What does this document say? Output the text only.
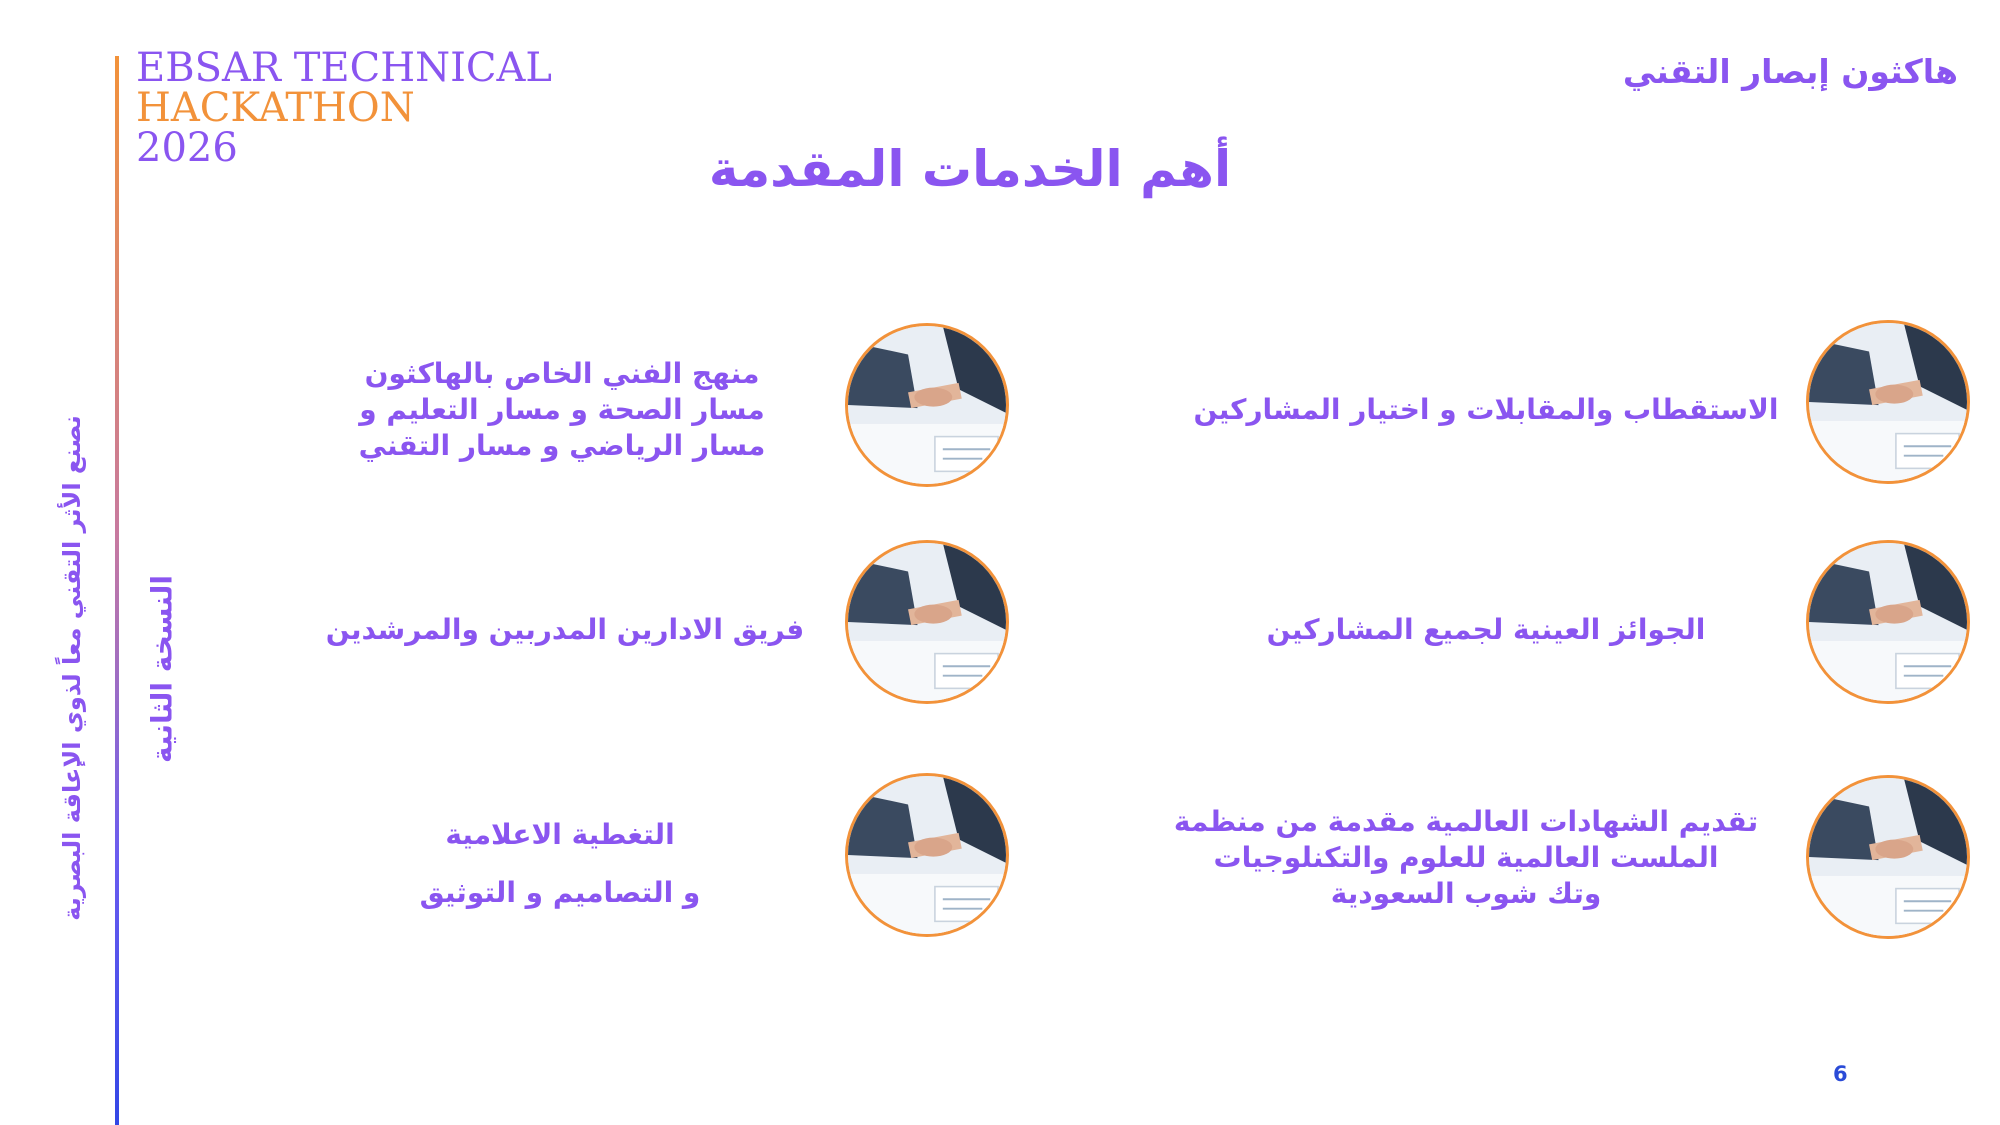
EBSAR TECHNICAL
HACKATHON
2026
هاكثون إبصار التقني
أهم الخدمات المقدمة
نصنع الأثر التقني معاً لذوي الإعاقة البصرية النسخة الثانية
الاستقطاب والمقابلات و اختيار المشاركين
الجوائز العينية لجميع المشاركين
تقديم الشهادات العالمية مقدمة من منظمة
الملست العالمية للعلوم والتكنلوجيات
وتك شوب السعودية
منهج الفني الخاص بالهاكثون
مسار الصحة و مسار التعليم و
مسار الرياضي و مسار التقني
فريق الادارين المدربين والمرشدين
التغطية الاعلامية
و التصاميم و التوثيق
6
